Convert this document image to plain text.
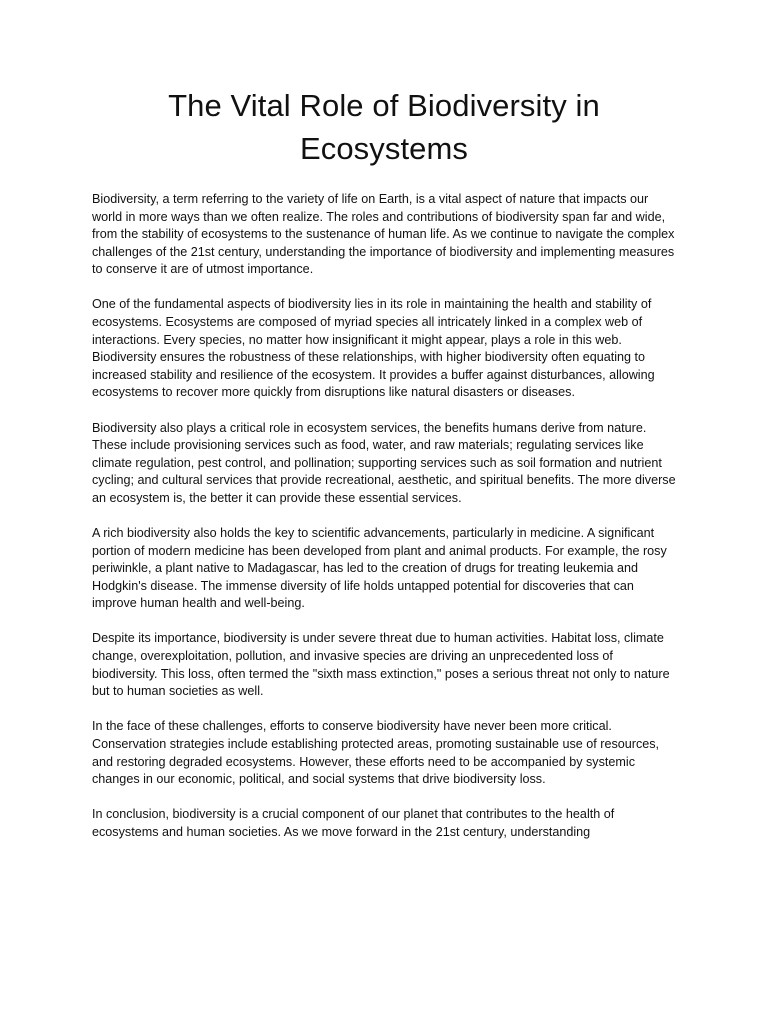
The Vital Role of Biodiversity in Ecosystems

Biodiversity, a term referring to the variety of life on Earth, is a vital aspect of nature that impacts our world in more ways than we often realize. The roles and contributions of biodiversity span far and wide, from the stability of ecosystems to the sustenance of human life. As we continue to navigate the complex challenges of the 21st century, understanding the importance of biodiversity and implementing measures to conserve it are of utmost importance.

One of the fundamental aspects of biodiversity lies in its role in maintaining the health and stability of ecosystems. Ecosystems are composed of myriad species all intricately linked in a complex web of interactions. Every species, no matter how insignificant it might appear, plays a role in this web. Biodiversity ensures the robustness of these relationships, with higher biodiversity often equating to increased stability and resilience of the ecosystem. It provides a buffer against disturbances, allowing ecosystems to recover more quickly from disruptions like natural disasters or diseases.

Biodiversity also plays a critical role in ecosystem services, the benefits humans derive from nature. These include provisioning services such as food, water, and raw materials; regulating services like climate regulation, pest control, and pollination; supporting services such as soil formation and nutrient cycling; and cultural services that provide recreational, aesthetic, and spiritual benefits. The more diverse an ecosystem is, the better it can provide these essential services.

A rich biodiversity also holds the key to scientific advancements, particularly in medicine. A significant portion of modern medicine has been developed from plant and animal products. For example, the rosy periwinkle, a plant native to Madagascar, has led to the creation of drugs for treating leukemia and Hodgkin's disease. The immense diversity of life holds untapped potential for discoveries that can improve human health and well-being.

Despite its importance, biodiversity is under severe threat due to human activities. Habitat loss, climate change, overexploitation, pollution, and invasive species are driving an unprecedented loss of biodiversity. This loss, often termed the "sixth mass extinction," poses a serious threat not only to nature but to human societies as well.

In the face of these challenges, efforts to conserve biodiversity have never been more critical. Conservation strategies include establishing protected areas, promoting sustainable use of resources, and restoring degraded ecosystems. However, these efforts need to be accompanied by systemic changes in our economic, political, and social systems that drive biodiversity loss.

In conclusion, biodiversity is a crucial component of our planet that contributes to the health of ecosystems and human societies. As we move forward in the 21st century, understanding
